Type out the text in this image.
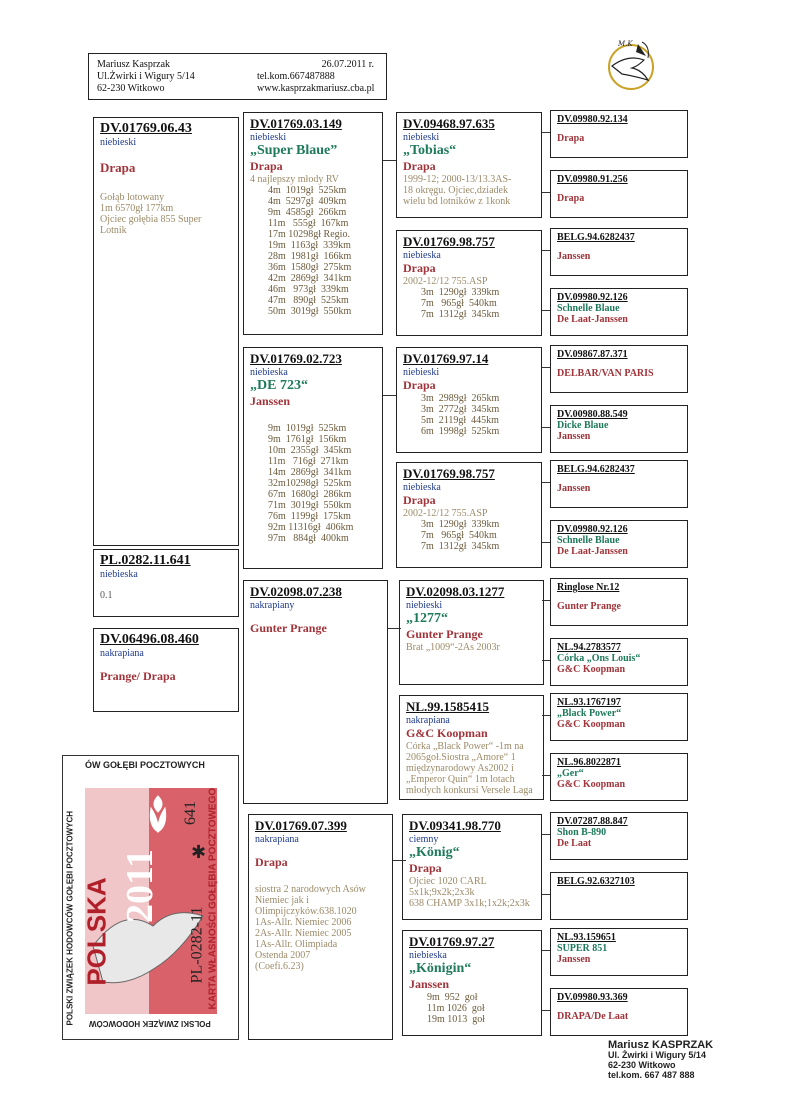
Mariusz Kasprzak
Ul.Żwirki i Wigury 5/14
62-230 Witkowo

tel.kom.667487888
www.kasprzakmariusz.cba.pl
26.07.2011 r.
M.K
DV.01769.06.43
niebieski
Drapa
Gołąb lotowany
1m 6570gł 177km
Ojciec gołębia 855 Super
Lotnik
PL.0282.11.641
niebieska
0.1
DV.06496.08.460
nakrapiana
Prange/ Drapa
DV.01769.03.149
niebieski
„Super Blaue”
Drapa
4 najlepszy młody RV
4m  1019gł  525km
4m  5297gł  409km
9m  4585gł  266km
11m   555gł  167km
17m 10298gł Regio.
19m  1163gł  339km
28m  1981gł  166km
36m  1580gł  275km
42m  2869gł  341km
46m   973gł  339km
47m   890gł  525km
50m  3019gł  550km
DV.01769.02.723
niebieska
„DE 723“
Janssen
9m  1019gł  525km
9m  1761gł  156km
10m  2355gł  345km
11m   716gł  271km
14m  2869gł  341km
32m10298gł  525km
67m  1680gł  286km
71m  3019gł  550km
76m  1199gł  175km
92m 11316gł  406km
97m   884gł  400km
DV.02098.07.238
nakrapiany
Gunter Prange
DV.01769.07.399
nakrapiana
Drapa
siostra 2 narodowych Asów
Niemiec jak i
Olimpijczyków.638.1020
1As-Allr. Niemiec 2006
2As-Allr. Niemiec 2005
1As-Allr. Olimpiada
Ostenda 2007
(Coefi.6.23)
DV.09468.97.635
niebieski
„Tobias“
Drapa
1999-12; 2000-13/13.3AS-
18 okręgu. Ojciec,dziadek
wielu bd lotników z 1konk
DV.01769.98.757
niebieska
Drapa
2002-12/12 755.ASP
3m  1290gł  339km
7m   965gł  540km
7m  1312gł  345km
DV.01769.97.14
niebieski
Drapa
3m  2989gł  265km
3m  2772gł  345km
5m  2119gł  445km
6m  1998gł  525km
DV.01769.98.757
niebieska
Drapa
2002-12/12 755.ASP
3m  1290gł  339km
7m   965gł  540km
7m  1312gł  345km
DV.02098.03.1277
niebieski
„1277“
Gunter Prange
Brat „1009“-2As 2003r
NL.99.1585415
nakrapiana
G&C Koopman
Córka „Black Power“ -1m na
2065goł.Siostra „Amore“ 1
międzynarodowy As2002 i
„Emperor Quin“ 1m lotach
młodych konkursi Versele Laga
DV.09341.98.770
ciemny
„König“
Drapa
Ojciec 1020 CARL 5x1k;9x2k;2x3k
638 CHAMP 3x1k;1x2k;2x3k
DV.01769.97.27
niebieska
„Königin“
Janssen
9m  952  goł
11m 1026  goł
19m 1013  goł
DV.09980.92.134
Drapa
DV.09980.91.256
Drapa
BELG.94.6282437
Janssen
DV.09980.92.126
Schnelle Blaue
De Laat-Janssen
DV.09867.87.371
DELBAR/VAN PARIS
DV.00980.88.549
Dicke Blaue
Janssen
BELG.94.6282437
Janssen
DV.09980.92.126
Schnelle Blaue
De Laat-Janssen
Ringlose Nr.12
Gunter Prange
NL.94.2783577
Córka „Ons Louis“
G&C Koopman
NL.93.1767197
„Black Power“
G&C Koopman
NL.96.8022871
„Ger“
G&C Koopman
DV.07287.88.847
Shon B-890
De Laat
BELG.92.6327103
NL.93.159651
SUPER 851
Janssen
DV.09980.93.369
DRAPA/De Laat
ÓW GOŁĘBI POCZTOWYCH
POLSKI ZWIĄZEK HODOWCÓW GOŁĘBI POCZTOWYCH POLSKI ZWIĄZEK HODOWCÓW
POLSKA 2011
PL-0282-11
✱
641 KARTA WŁASNOŚCI GOŁĘBIA POCZTOWEGO
Mariusz KASPRZAK
Ul. Żwirki i Wigury 5/14
62-230 Witkowo
tel.kom. 667 487 888
